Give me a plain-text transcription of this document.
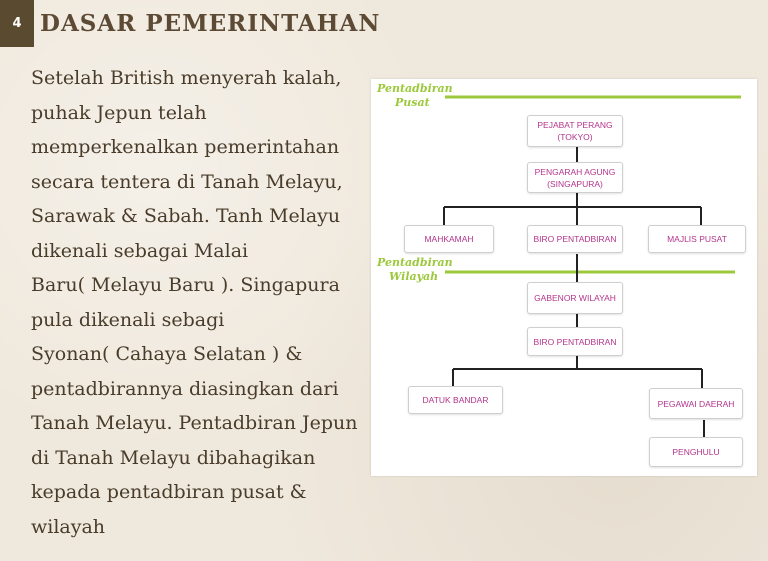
4 DASAR PEMERINTAHAN

Setelah British menyerah kalah,
puhak Jepun telah
memperkenalkan pemerintahan
secara tentera di Tanah Melayu,
Sarawak & Sabah. Tanh Melayu
dikenali sebagai Malai
Baru( Melayu Baru ). Singapura
pula dikenali sebagi
Syonan( Cahaya Selatan ) &
pentadbirannya diasingkan dari
Tanah Melayu. Pentadbiran Jepun
di Tanah Melayu dibahagikan
kepada pentadbiran pusat &
wilayah

Pentadbiran
Pusat
Pentadbiran
Wilayah
PEJABAT PERANG
(TOKYO)
PENGARAH AGUNG
(SINGAPURA)
MAHKAMAH	BIRO PENTADBIRAN	MAJLIS PUSAT
GABENOR WILAYAH
BIRO PENTADBIRAN
DATUK BANDAR	PEGAWAI DAERAH
PENGHULU
